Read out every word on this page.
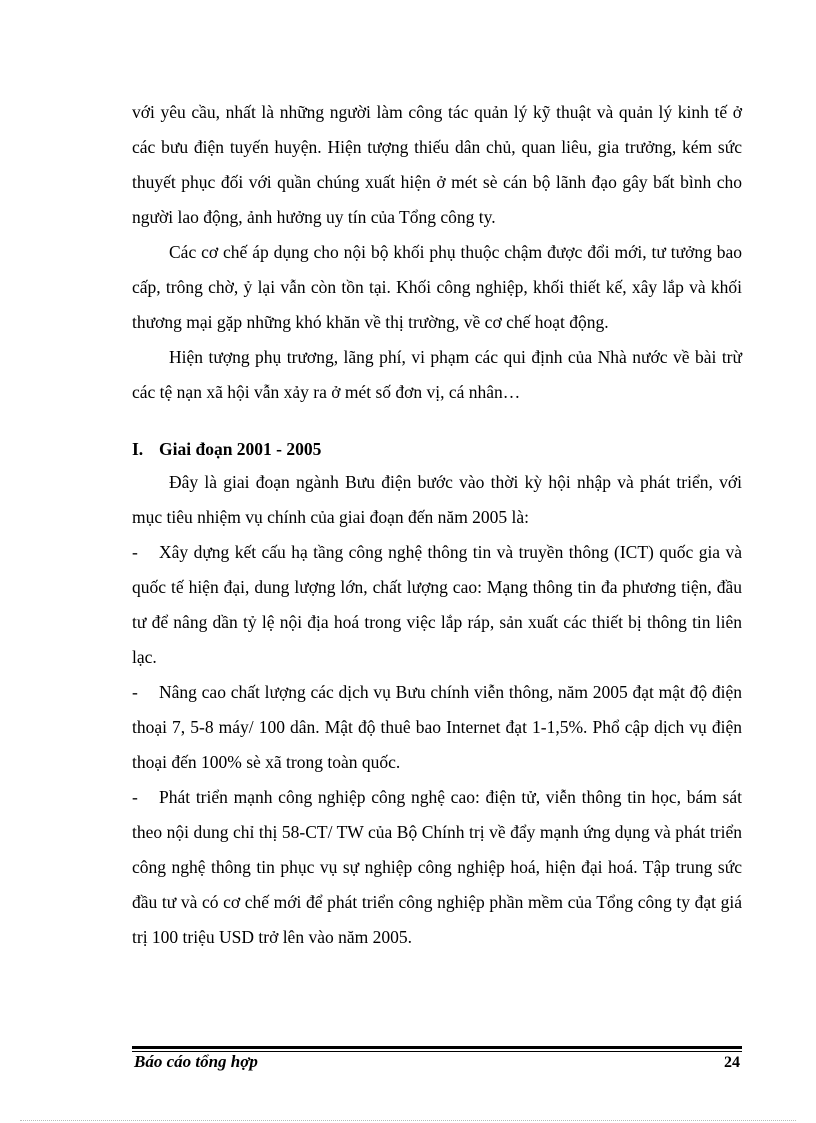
với yêu cầu, nhất là những người làm công tác quản lý kỹ thuật và quản lý kinh tế ở các bưu điện tuyến huyện. Hiện tượng thiếu dân chủ, quan liêu, gia trưởng, kém sức thuyết phục đối với quần chúng xuất hiện ở mét sè cán bộ lãnh đạo gây bất bình cho người lao động, ảnh hưởng uy tín của Tổng công ty.

Các cơ chế áp dụng cho nội bộ khối phụ thuộc chậm được đổi mới, tư tưởng bao cấp, trông chờ, ỷ lại vẫn còn tồn tại. Khối công nghiệp, khối thiết kế, xây lắp và khối thương mại gặp những khó khăn về thị trường, về cơ chế hoạt động.

Hiện tượng phụ trương, lãng phí, vi phạm các qui định của Nhà nước về bài trừ các tệ nạn xã hội vẫn xảy ra ở mét số đơn vị, cá nhân…

I. Giai đoạn 2001 - 2005

Đây là giai đoạn ngành Bưu điện bước vào thời kỳ hội nhập và phát triển, với mục tiêu nhiệm vụ chính của giai đoạn đến năm 2005 là:

- Xây dựng kết cấu hạ tầng công nghệ thông tin và truyền thông (ICT) quốc gia và quốc tế hiện đại, dung lượng lớn, chất lượng cao: Mạng thông tin đa phương tiện, đầu tư để nâng dần tỷ lệ nội địa hoá trong việc lắp ráp, sản xuất các thiết bị thông tin liên lạc.

- Nâng cao chất lượng các dịch vụ Bưu chính viễn thông, năm 2005 đạt mật độ điện thoại 7, 5-8 máy/ 100 dân. Mật độ thuê bao Internet đạt 1-1,5%. Phổ cập dịch vụ điện thoại đến 100% sè xã trong toàn quốc.

- Phát triển mạnh công nghiệp công nghệ cao: điện tử, viễn thông tin học, bám sát theo nội dung chỉ thị 58-CT/ TW của Bộ Chính trị về đẩy mạnh ứng dụng và phát triển công nghệ thông tin phục vụ sự nghiệp công nghiệp hoá, hiện đại hoá. Tập trung sức đầu tư và có cơ chế mới để phát triển công nghiệp phần mềm của Tổng công ty đạt giá trị 100 triệu USD trở lên vào năm 2005.

Báo cáo tổng hợp	24
